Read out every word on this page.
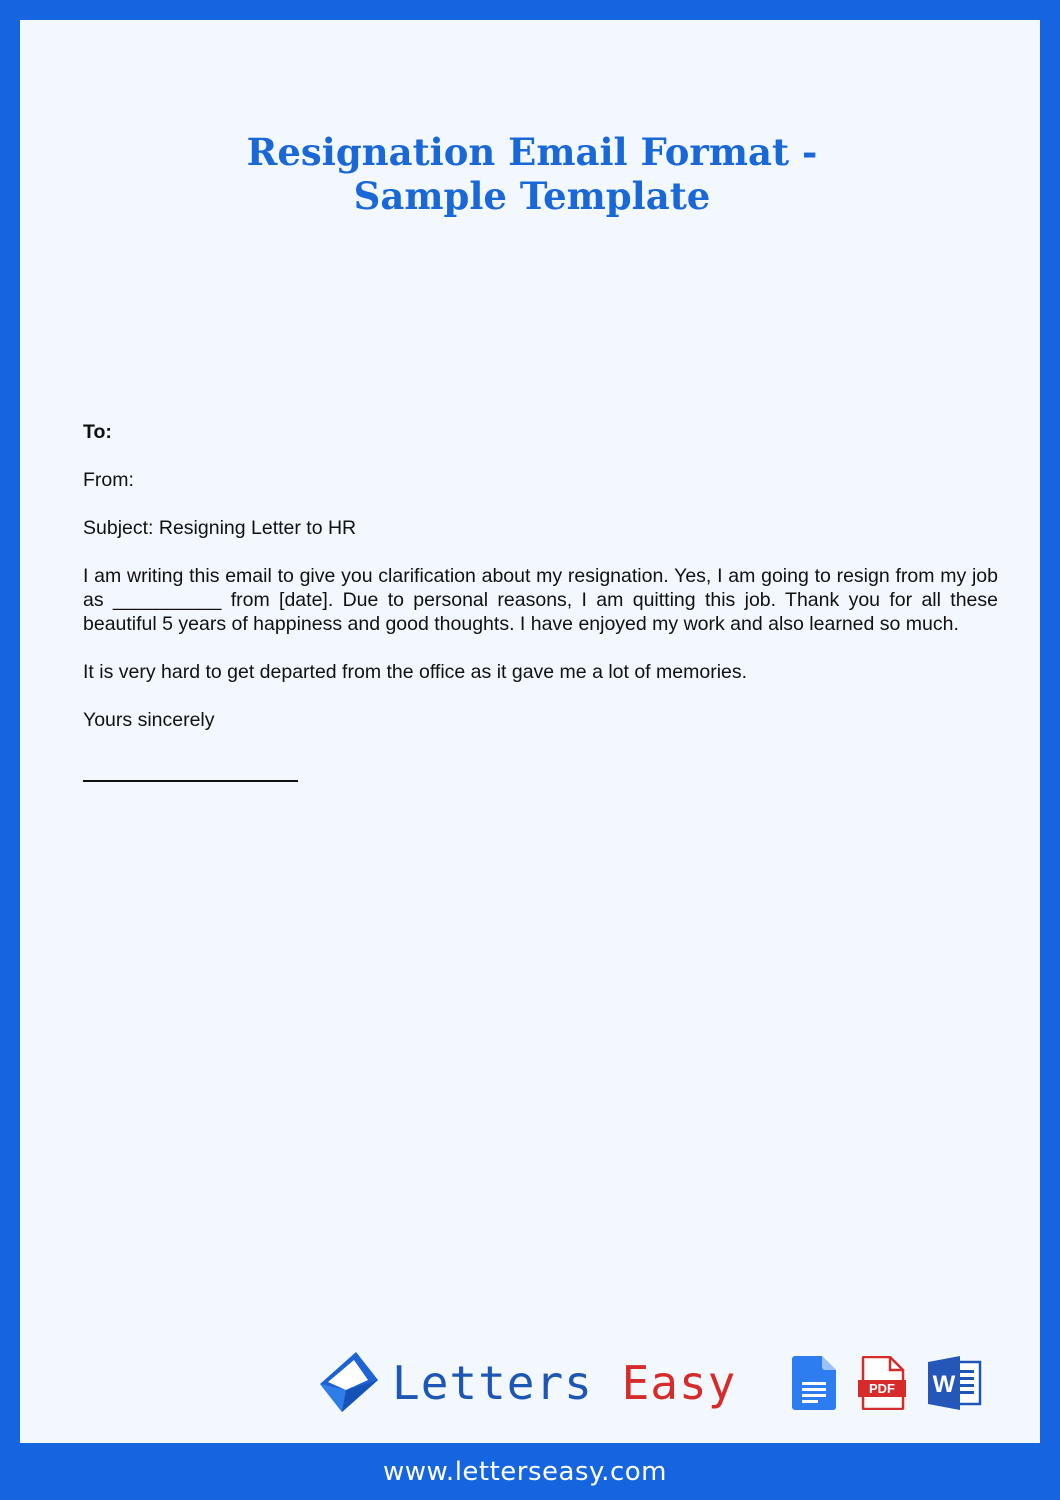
Resignation Email Format -
Sample Template

To:

From:

Subject: Resigning Letter to HR

I am writing this email to give you clarification about my resignation. Yes, I am going to resign from my job as __________ from [date]. Due to personal reasons, I am quitting this job. Thank you for all these beautiful 5 years of happiness and good thoughts. I have enjoyed my work and also learned so much.

It is very hard to get departed from the office as it gave me a lot of memories.

Yours sincerely

Letters Easy	PDF W
www.letterseasy.com
